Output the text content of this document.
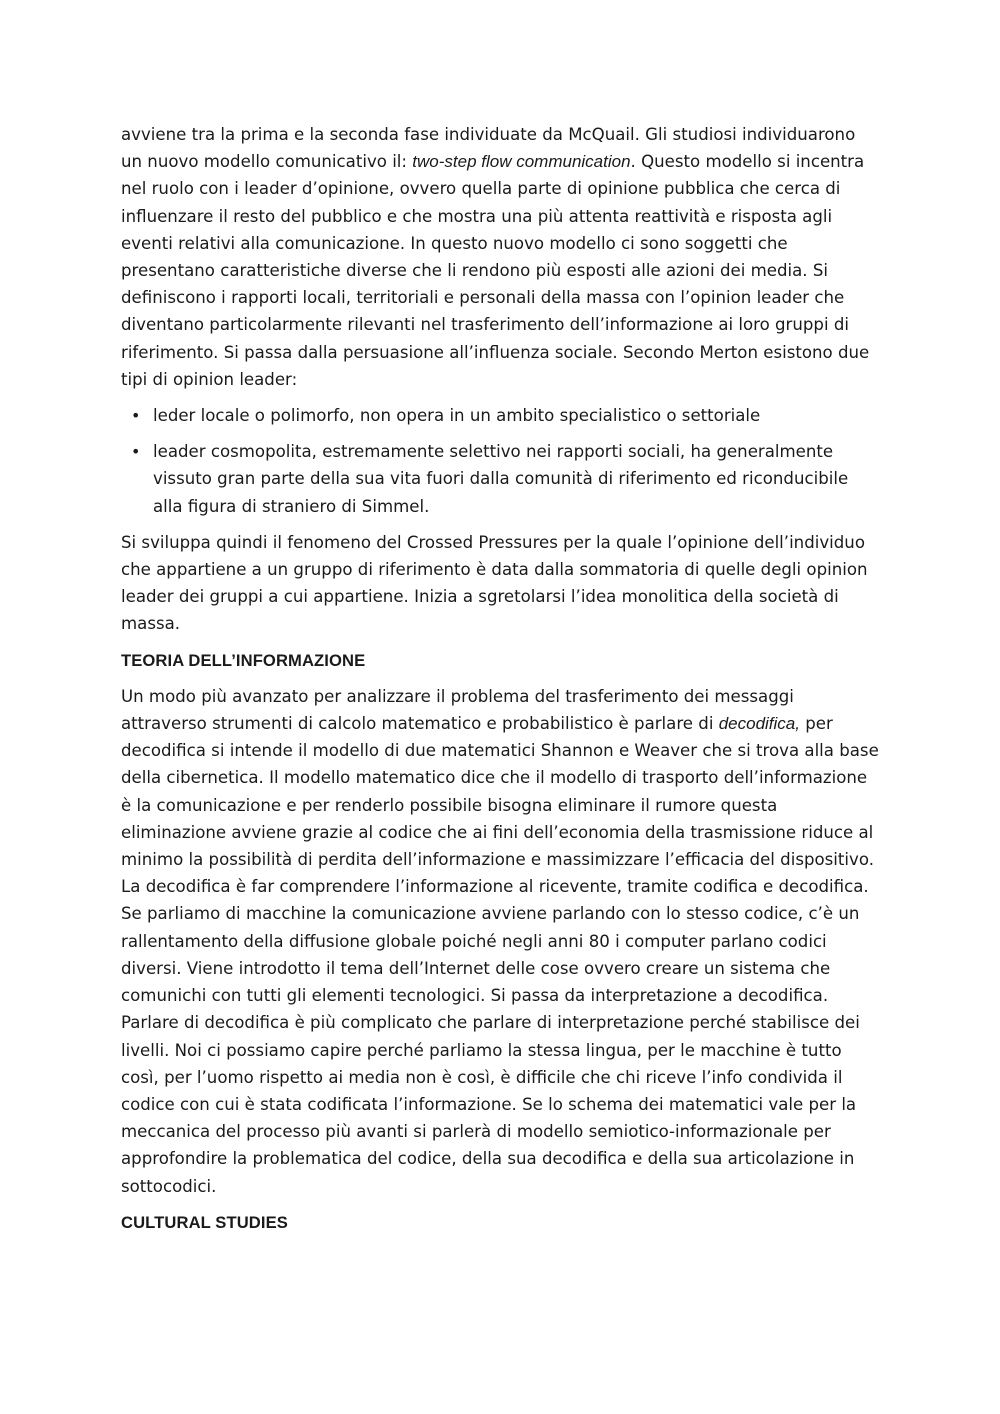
avviene tra la prima e la seconda fase individuate da McQuail. Gli studiosi individuarono un nuovo modello comunicativo il: two-step flow communication. Questo modello si incentra nel ruolo con i leader d’opinione, ovvero quella parte di opinione pubblica che cerca di influenzare il resto del pubblico e che mostra una più attenta reattività e risposta agli eventi relativi alla comunicazione. In questo nuovo modello ci sono soggetti che presentano caratteristiche diverse che li rendono più esposti alle azioni dei media. Si definiscono i rapporti locali, territoriali e personali della massa con l’opinion leader che diventano particolarmente rilevanti nel trasferimento dell’informazione ai loro gruppi di riferimento. Si passa dalla persuasione all’influenza sociale. Secondo Merton esistono due tipi di opinion leader:

• leder locale o polimorfo, non opera in un ambito specialistico o settoriale
• leader cosmopolita, estremamente selettivo nei rapporti sociali, ha generalmente vissuto gran parte della sua vita fuori dalla comunità di riferimento ed riconducibile alla figura di straniero di Simmel.

Si sviluppa quindi il fenomeno del Crossed Pressures per la quale l’opinione dell’individuo che appartiene a un gruppo di riferimento è data dalla sommatoria di quelle degli opinion leader dei gruppi a cui appartiene. Inizia a sgretolarsi l’idea monolitica della società di massa.

TEORIA DELL’INFORMAZIONE

Un modo più avanzato per analizzare il problema del trasferimento dei messaggi attraverso strumenti di calcolo matematico e probabilistico è parlare di decodifica, per decodifica si intende il modello di due matematici Shannon e Weaver che si trova alla base della cibernetica. Il modello matematico dice che il modello di trasporto dell’informazione è la comunicazione e per renderlo possibile bisogna eliminare il rumore questa eliminazione avviene grazie al codice che ai fini dell’economia della trasmissione riduce al minimo la possibilità di perdita dell’informazione e massimizzare l’efficacia del dispositivo. La decodifica è far comprendere l’informazione al ricevente, tramite codifica e decodifica. Se parliamo di macchine la comunicazione avviene parlando con lo stesso codice, c’è un rallentamento della diffusione globale poiché negli anni 80 i computer parlano codici diversi. Viene introdotto il tema dell’Internet delle cose ovvero creare un sistema che comunichi con tutti gli elementi tecnologici. Si passa da interpretazione a decodifica. Parlare di decodifica è più complicato che parlare di interpretazione perché stabilisce dei livelli. Noi ci possiamo capire perché parliamo la stessa lingua, per le macchine è tutto così, per l’uomo rispetto ai media non è così, è difficile che chi riceve l’info condivida il codice con cui è stata codificata l’informazione. Se lo schema dei matematici vale per la meccanica del processo più avanti si parlerà di modello semiotico-informazionale per approfondire la problematica del codice, della sua decodifica e della sua articolazione in sottocodici.

CULTURAL STUDIES
